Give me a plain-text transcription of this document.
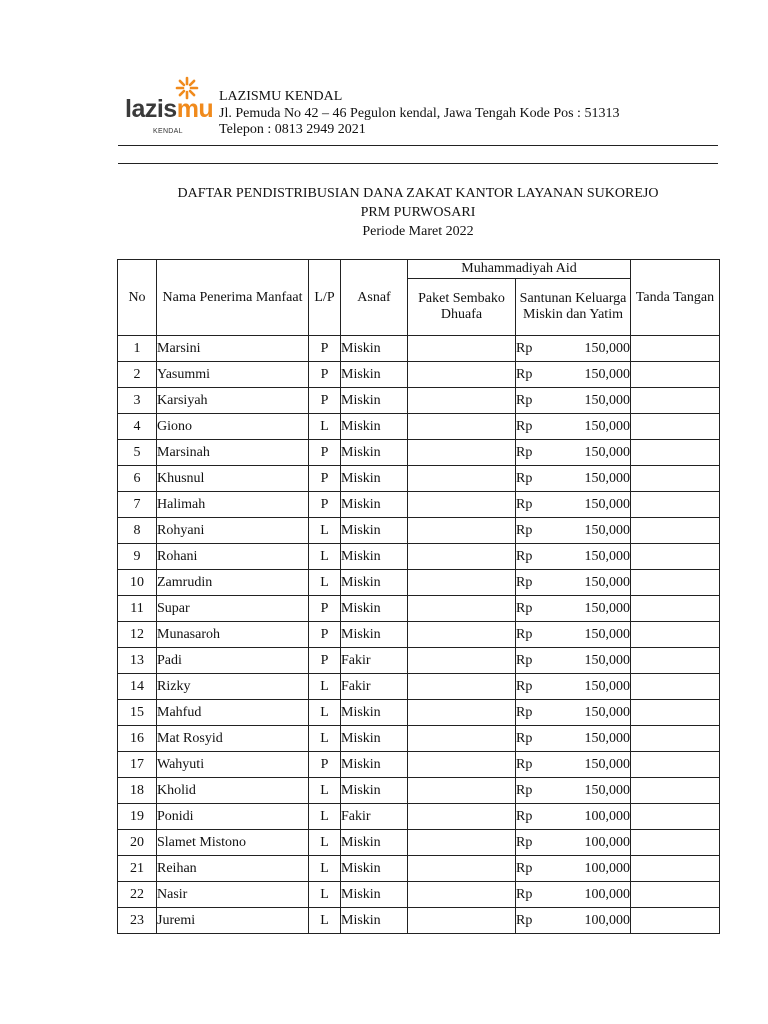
lazismu
KENDAL
LAZISMU KENDAL
Jl. Pemuda No 42 – 46 Pegulon kendal, Jawa Tengah Kode Pos : 51313
Telepon : 0813 2949 2021
DAFTAR PENDISTRIBUSIAN DANA ZAKAT KANTOR LAYANAN SUKOREJO
PRM PURWOSARI
Periode Maret 2022
No	Nama Penerima Manfaat	L/P	Asnaf	Muhammadiyah Aid		Tanda Tangan
				Paket Sembako Dhuafa	Santunan Keluarga Miskin dan Yatim	
1	Marsini	P	Miskin		Rp 150,000	

2	Yasummi	P	Miskin		Rp 150,000	

3	Karsiyah	P	Miskin		Rp 150,000	

4	Giono	L	Miskin		Rp 150,000	

5	Marsinah	P	Miskin		Rp 150,000	

6	Khusnul	P	Miskin		Rp 150,000	

7	Halimah	P	Miskin		Rp 150,000	

8	Rohyani	L	Miskin		Rp 150,000	

9	Rohani	L	Miskin		Rp 150,000	

10	Zamrudin	L	Miskin		Rp 150,000	

11	Supar	P	Miskin		Rp 150,000	

12	Munasaroh	P	Miskin		Rp 150,000	

13	Padi	P	Fakir		Rp 150,000	

14	Rizky	L	Fakir		Rp 150,000	

15	Mahfud	L	Miskin		Rp 150,000	

16	Mat Rosyid	L	Miskin		Rp 150,000	

17	Wahyuti	P	Miskin		Rp 150,000	

18	Kholid	L	Miskin		Rp 150,000	

19	Ponidi	L	Fakir		Rp 100,000	

20	Slamet Mistono	L	Miskin		Rp 100,000	

21	Reihan	L	Miskin		Rp 100,000	

22	Nasir	L	Miskin		Rp 100,000	

23	Juremi	L	Miskin		Rp 100,000	
